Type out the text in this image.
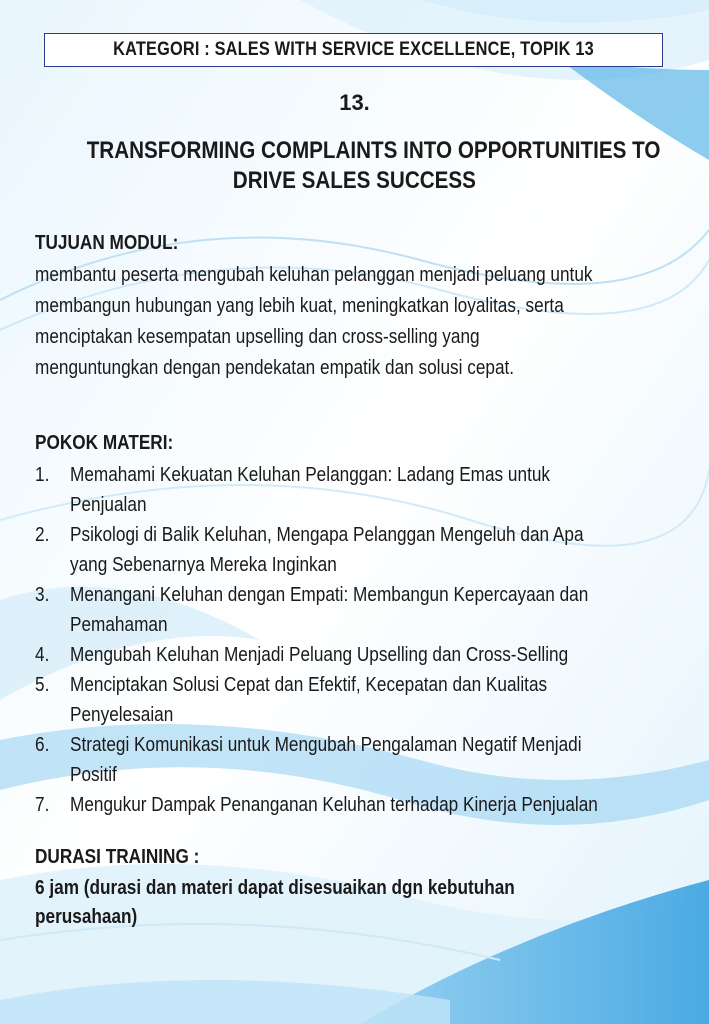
KATEGORI : SALES WITH SERVICE EXCELLENCE, TOPIK 13
13.
TRANSFORMING COMPLAINTS INTO OPPORTUNITIES TO
DRIVE SALES SUCCESS
TUJUAN MODUL:
membantu peserta mengubah keluhan pelanggan menjadi peluang untuk
membangun hubungan yang lebih kuat, meningkatkan loyalitas, serta
menciptakan kesempatan upselling dan cross-selling yang
menguntungkan dengan pendekatan empatik dan solusi cepat.
POKOK MATERI:
1.	Memahami Kekuatan Keluhan Pelanggan: Ladang Emas untuk
Penjualan
2.	Psikologi di Balik Keluhan, Mengapa Pelanggan Mengeluh dan Apa
yang Sebenarnya Mereka Inginkan
3.	Menangani Keluhan dengan Empati: Membangun Kepercayaan dan
Pemahaman
4.	Mengubah Keluhan Menjadi Peluang Upselling dan Cross-Selling
5.	Menciptakan Solusi Cepat dan Efektif, Kecepatan dan Kualitas
Penyelesaian
6.	Strategi Komunikasi untuk Mengubah Pengalaman Negatif Menjadi
Positif
7.	Mengukur Dampak Penanganan Keluhan terhadap Kinerja Penjualan
DURASI TRAINING :
6 jam (durasi dan materi dapat disesuaikan dgn kebutuhan
perusahaan)
